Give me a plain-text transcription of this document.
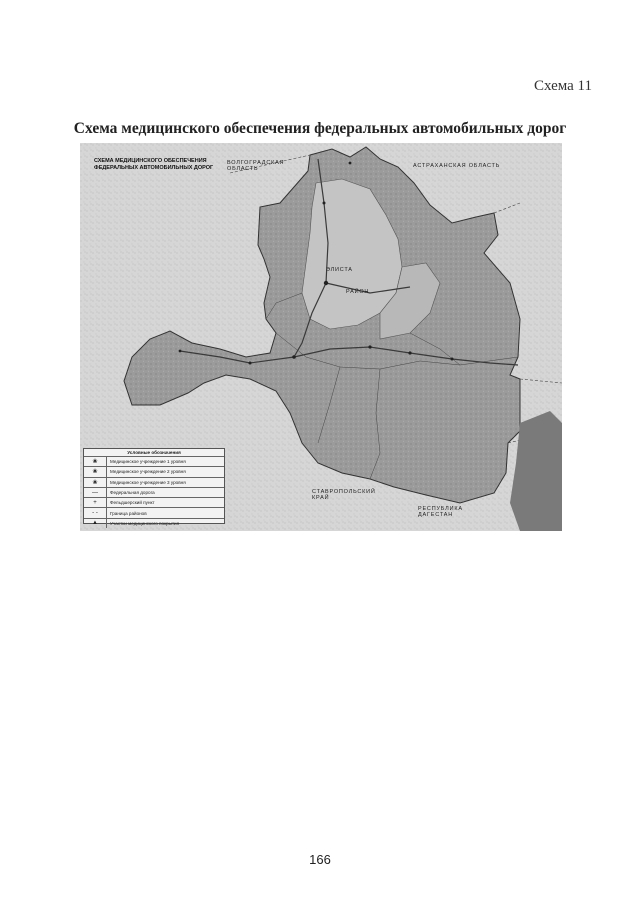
Схема 11
Схема медицинского обеспечения федеральных автомобильных дорог
СХЕМА МЕДИЦИНСКОГО ОБЕСПЕЧЕНИЯ ФЕДЕРАЛЬНЫХ АВТОМОБИЛЬНЫХ ДОРОГ
ВОЛГОГРАДСКАЯ ОБЛАСТЬ	АСТРАХАНСКАЯ ОБЛАСТЬ
СТАВРОПОЛЬСКИЙ КРАЙ
РЕСПУБЛИКА ДАГЕСТАН
ЭЛИСТА
РАЙОН
Условные обозначения
❀	Медицинское учреждение 1 уровня
❀	Медицинское учреждение 2 уровня
❀	Медицинское учреждение 3 уровня
—	Федеральная дорога
+	Фельдшерский пункт
- -	Граница районов
▲	Участки медицинского покрытия
166
